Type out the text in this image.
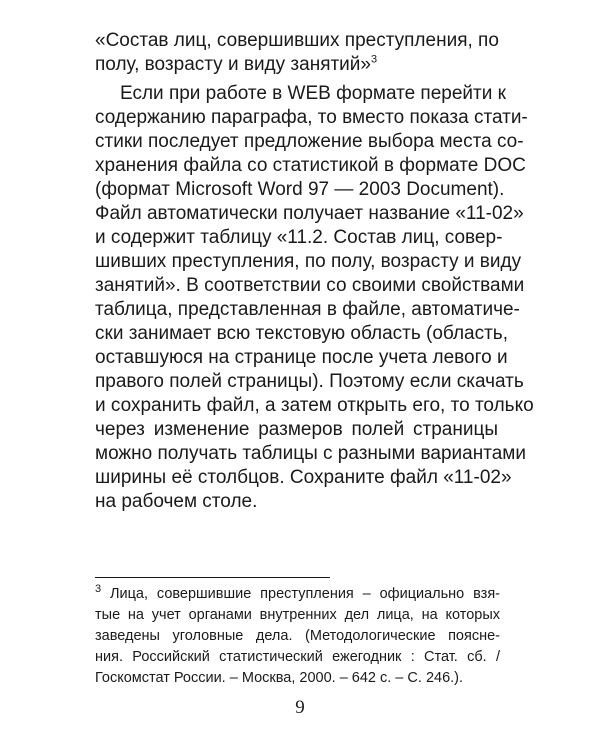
«Состав лиц, совершивших преступления, по
полу, возрасту и виду занятий»$^3$
Если при работе в WEB формате перейти к
содержанию параграфа, то вместо показа стати-
стики последует предложение выбора места со-
хранения файла со статистикой в формате DOC
(формат Microsoft Word 97 — 2003 Document).
Файл автоматически получает название «11-02»
и содержит таблицу «11.2. Состав лиц, совер-
шивших преступления, по полу, возрасту и виду
занятий». В соответствии со своими свойствами
таблица, представленная в файле, автоматиче-
ски занимает всю текстовую область (область,
оставшуюся на странице после учета левого и
правого полей страницы). Поэтому если скачать
и сохранить файл, а затем открыть его, то только
через изменение размеров полей страницы
можно получать таблицы с разными вариантами
ширины её столбцов. Сохраните файл «11-02»
на рабочем столе.
$^3$ Лица, совершившие преступления – официально взя-
тые на учет органами внутренних дел лица, на которых
заведены уголовные дела. (Методологические поясне-
ния. Российский статистический ежегодник : Стат. сб. /
Госкомстат России. – Москва, 2000. – 642 с. – С. 246.).
9
